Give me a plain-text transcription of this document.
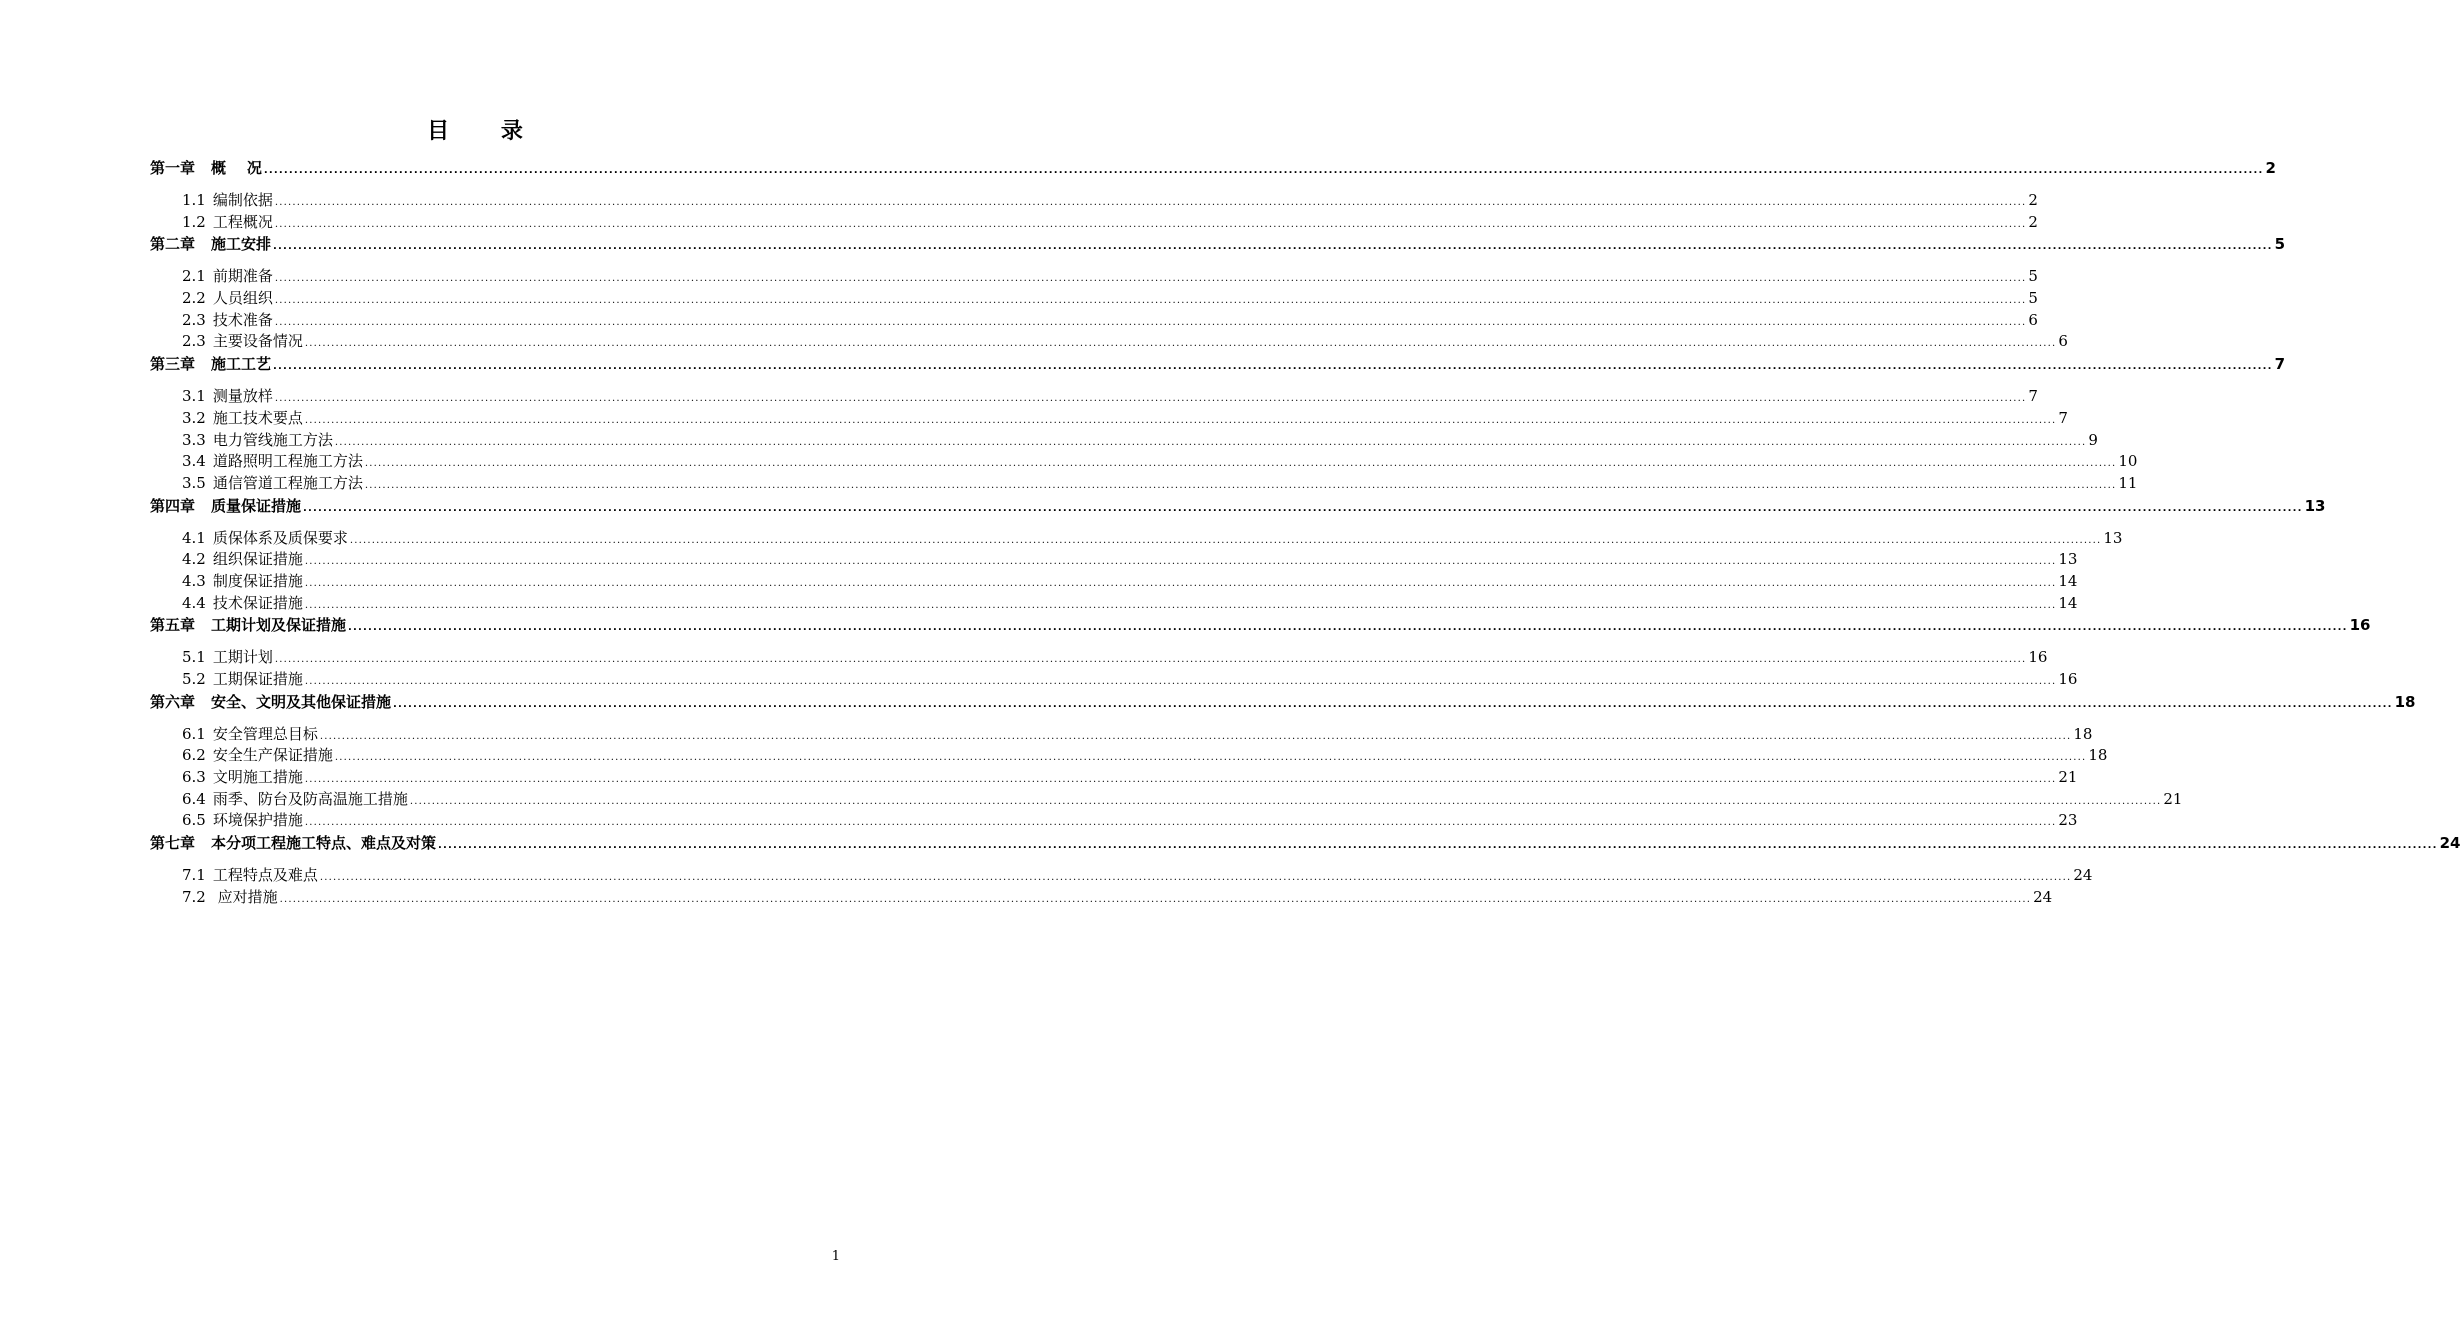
目 录
第一章 概    况 ................................................................................................................................................................................................................................................................................................................................................................................................................ 2
1.1 编制依据 ................................................................................................................................................................................................................................................................................................................................................................................................................ 2
1.2 工程概况 ................................................................................................................................................................................................................................................................................................................................................................................................................ 2
第二章 施工安排 ................................................................................................................................................................................................................................................................................................................................................................................................................ 5
2.1 前期准备 ................................................................................................................................................................................................................................................................................................................................................................................................................ 5
2.2 人员组织 ................................................................................................................................................................................................................................................................................................................................................................................................................ 5
2.3 技术准备 ................................................................................................................................................................................................................................................................................................................................................................................................................ 6
2.3 主要设备情况 ................................................................................................................................................................................................................................................................................................................................................................................................................ 6
第三章 施工工艺 ................................................................................................................................................................................................................................................................................................................................................................................................................ 7
3.1 测量放样 ................................................................................................................................................................................................................................................................................................................................................................................................................ 7
3.2 施工技术要点 ................................................................................................................................................................................................................................................................................................................................................................................................................ 7
3.3 电力管线施工方法 ................................................................................................................................................................................................................................................................................................................................................................................................................ 9
3.4 道路照明工程施工方法 ................................................................................................................................................................................................................................................................................................................................................................................................................ 10
3.5 通信管道工程施工方法 ................................................................................................................................................................................................................................................................................................................................................................................................................ 11
第四章 质量保证措施 ................................................................................................................................................................................................................................................................................................................................................................................................................ 13
4.1 质保体系及质保要求 ................................................................................................................................................................................................................................................................................................................................................................................................................ 13
4.2 组织保证措施 ................................................................................................................................................................................................................................................................................................................................................................................................................ 13
4.3 制度保证措施 ................................................................................................................................................................................................................................................................................................................................................................................................................ 14
4.4 技术保证措施 ................................................................................................................................................................................................................................................................................................................................................................................................................ 14
第五章 工期计划及保证措施 ................................................................................................................................................................................................................................................................................................................................................................................................................ 16
5.1 工期计划 ................................................................................................................................................................................................................................................................................................................................................................................................................ 16
5.2 工期保证措施 ................................................................................................................................................................................................................................................................................................................................................................................................................ 16
第六章 安全、文明及其他保证措施 ................................................................................................................................................................................................................................................................................................................................................................................................................ 18
6.1 安全管理总目标 ................................................................................................................................................................................................................................................................................................................................................................................................................ 18
6.2 安全生产保证措施 ................................................................................................................................................................................................................................................................................................................................................................................................................ 18
6.3 文明施工措施 ................................................................................................................................................................................................................................................................................................................................................................................................................ 21
6.4 雨季、防台及防高温施工措施 ................................................................................................................................................................................................................................................................................................................................................................................................................ 21
6.5 环境保护措施 ................................................................................................................................................................................................................................................................................................................................................................................................................ 23
第七章 本分项工程施工特点、难点及对策 ................................................................................................................................................................................................................................................................................................................................................................................................................ 24
7.1 工程特点及难点 ................................................................................................................................................................................................................................................................................................................................................................................................................ 24
7.2 应对措施 ................................................................................................................................................................................................................................................................................................................................................................................................................ 24
1
